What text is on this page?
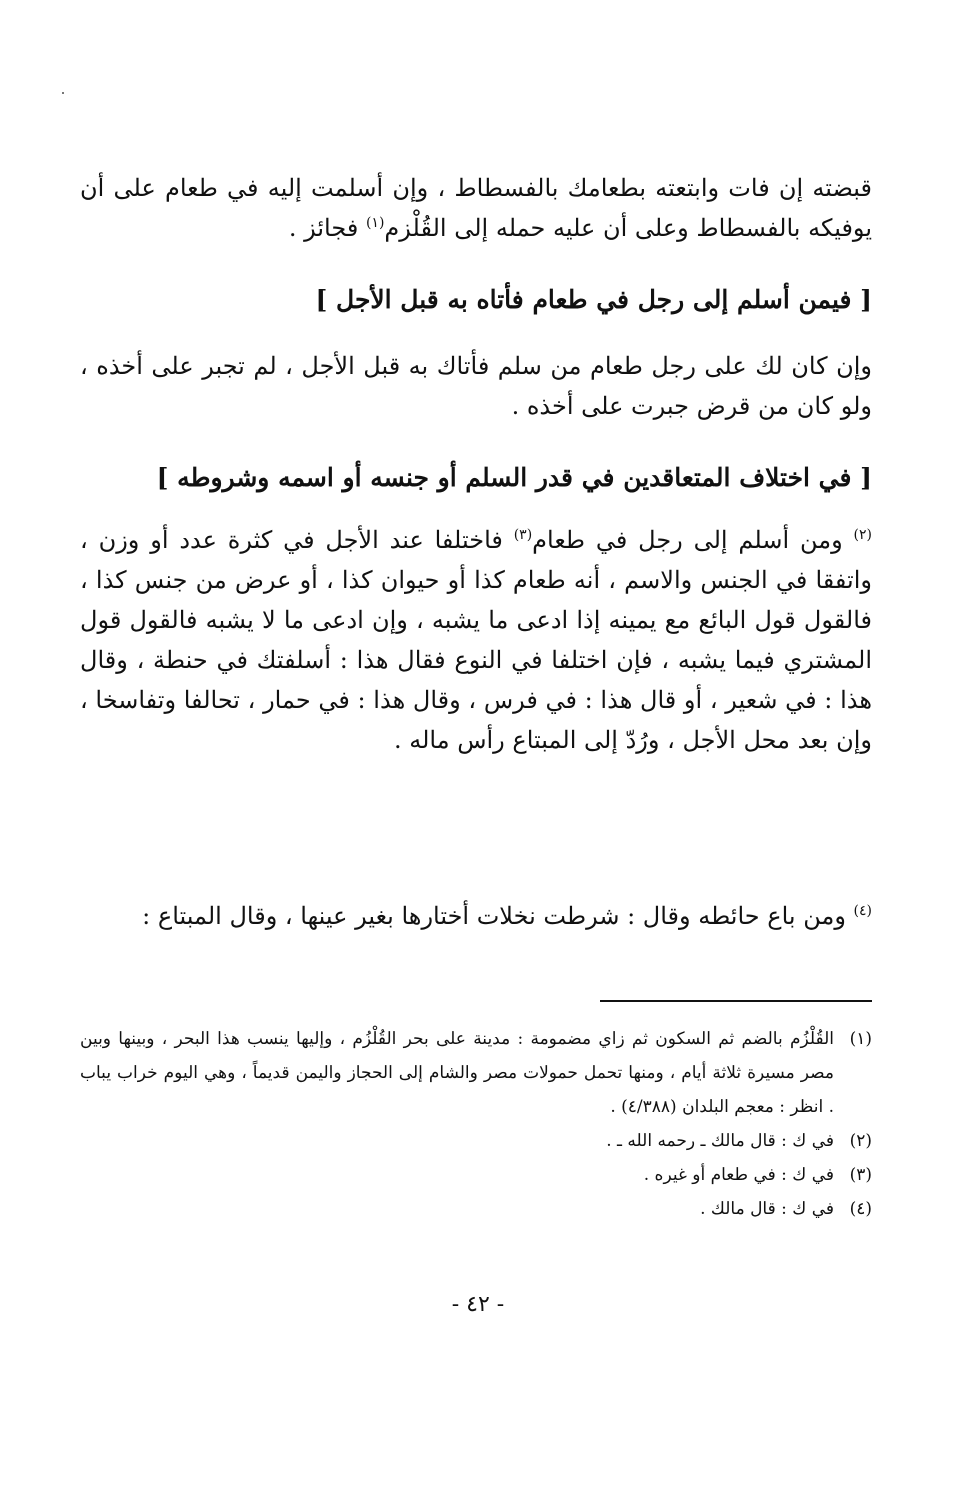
قبضته إن فات وابتعته بطعامك بالفسطاط ، وإن أسلمت إليه في طعام على أن يوفيكه بالفسطاط وعلى أن عليه حمله إلى القُلْزم$^{(١)}$ فجائز .

[ فيمن أسلم إلى رجل في طعام فأتاه به قبل الأجل ]

وإن كان لك على رجل طعام من سلم فأتاك به قبل الأجل ، لم تجبر على أخذه ، ولو كان من قرض جبرت على أخذه .

[ في اختلاف المتعاقدين في قدر السلم أو جنسه أو اسمه وشروطه ]

$^{(٢)}$ ومن أسلم إلى رجل في طعام$^{(٣)}$ فاختلفا عند الأجل في كثرة عدد أو وزن ، واتفقا في الجنس والاسم ، أنه طعام كذا أو حيوان كذا ، أو عرض من جنس كذا ، فالقول قول البائع مع يمينه إذا ادعى ما يشبه ، وإن ادعى ما لا يشبه فالقول قول المشتري فيما يشبه ، فإن اختلفا في النوع فقال هذا : أسلفتك في حنطة ، وقال هذا : في شعير ، أو قال هذا : في فرس ، وقال هذا : في حمار ، تحالفا وتفاسخا ، وإن بعد محل الأجل ، ورُدّ إلى المبتاع رأس ماله .

$^{(٤)}$ ومن باع حائطه وقال : شرطت نخلات أختارها بغير عينها ، وقال المبتاع :

(١)
القُلْزُم بالضم ثم السكون ثم زاي مضمومة : مدينة على بحر القُلْزُم ، وإليها ينسب هذا البحر ، وبينها وبين مصر مسيرة ثلاثة أيام ، ومنها تحمل حمولات مصر والشام إلى الحجاز واليمن قديماً ، وهي اليوم خراب يباب . انظر : معجم البلدان (٤/٣٨٨) .
(٢)
في ك : قال مالك ـ رحمه الله ـ .
(٣)
في ك : في طعام أو غيره .
(٤)
في ك : قال مالك .
- ٤٢ -
